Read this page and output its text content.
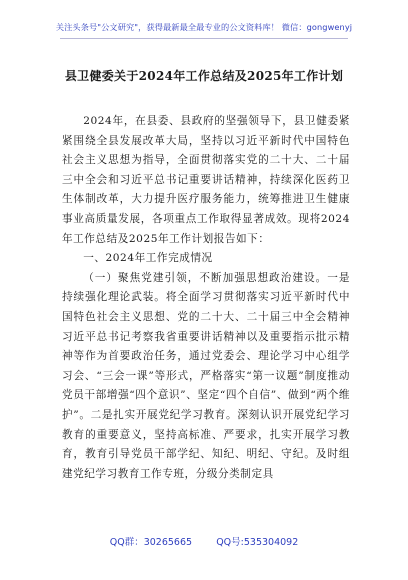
关注头条号"公文研究"，获得最新最全最专业的公文资料库！ 微信：gongwenyj
县卫健委关于2024年工作总结及2025年工作计划

2024年，在县委、县政府的坚强领导下，县卫健委紧紧围绕全县发展改革大局，坚持以习近平新时代中国特色社会主义思想为指导，全面贯彻落实党的二十大、二十届三中全会和习近平总书记重要讲话精神，持续深化医药卫生体制改革，大力提升医疗服务能力，统筹推进卫生健康事业高质量发展，各项重点工作取得显著成效。现将2024年工作总结及2025年工作计划报告如下：

一、2024年工作完成情况

（一）聚焦党建引领，不断加强思想政治建设。一是持续强化理论武装。将全面学习贯彻落实习近平新时代中国特色社会主义思想、党的二十大、二十届三中全会精神习近平总书记考察我省重要讲话精神以及重要指示批示精神等作为首要政治任务，通过党委会、理论学习中心组学习会、“三会一课”等形式，严格落实“第一议题”制度推动党员干部增强“四个意识”、坚定“四个自信”、做到“两个维护”。二是扎实开展党纪学习教育。深刻认识开展党纪学习教育的重要意义，坚持高标准、严要求，扎实开展学习教育，教育引导党员干部学纪、知纪、明纪、守纪。及时组建党纪学习教育工作专班，分级分类制定具

QQ群：30265665        QQ号:535304092
